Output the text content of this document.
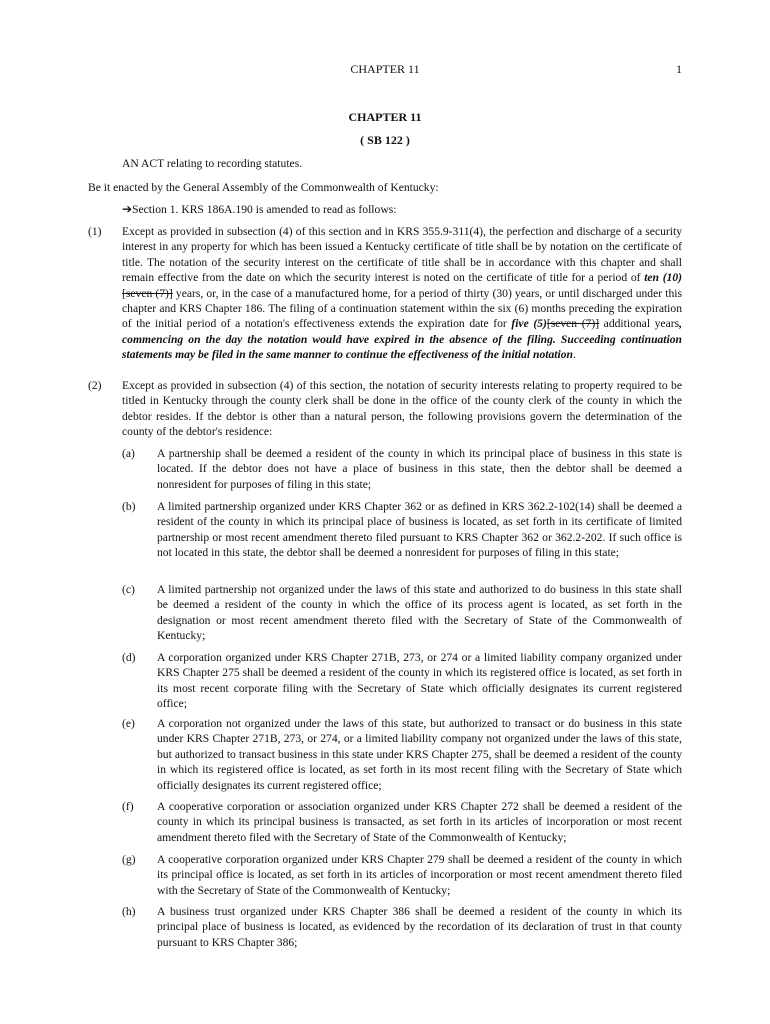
CHAPTER 11	1
CHAPTER 11
( SB 122 )
AN ACT relating to recording statutes.
Be it enacted by the General Assembly of the Commonwealth of Kentucky:
➔Section 1. KRS 186A.190 is amended to read as follows:
(1) Except as provided in subsection (4) of this section and in KRS 355.9-311(4), the perfection and discharge of a security interest in any property for which has been issued a Kentucky certificate of title shall be by notation on the certificate of title. The notation of the security interest on the certificate of title shall be in accordance with this chapter and shall remain effective from the date on which the security interest is noted on the certificate of title for a period of ten (10)[seven (7)] years, or, in the case of a manufactured home, for a period of thirty (30) years, or until discharged under this chapter and KRS Chapter 186. The filing of a continuation statement within the six (6) months preceding the expiration of the initial period of a notation's effectiveness extends the expiration date for five (5)[seven (7)] additional years, commencing on the day the notation would have expired in the absence of the filing. Succeeding continuation statements may be filed in the same manner to continue the effectiveness of the initial notation.
(2) Except as provided in subsection (4) of this section, the notation of security interests relating to property required to be titled in Kentucky through the county clerk shall be done in the office of the county clerk of the county in which the debtor resides. If the debtor is other than a natural person, the following provisions govern the determination of the county of the debtor's residence:
(a) A partnership shall be deemed a resident of the county in which its principal place of business in this state is located. If the debtor does not have a place of business in this state, then the debtor shall be deemed a nonresident for purposes of filing in this state;
(b) A limited partnership organized under KRS Chapter 362 or as defined in KRS 362.2-102(14) shall be deemed a resident of the county in which its principal place of business is located, as set forth in its certificate of limited partnership or most recent amendment thereto filed pursuant to KRS Chapter 362 or 362.2-202. If such office is not located in this state, the debtor shall be deemed a nonresident for purposes of filing in this state;
(c) A limited partnership not organized under the laws of this state and authorized to do business in this state shall be deemed a resident of the county in which the office of its process agent is located, as set forth in the designation or most recent amendment thereto filed with the Secretary of State of the Commonwealth of Kentucky;
(d) A corporation organized under KRS Chapter 271B, 273, or 274 or a limited liability company organized under KRS Chapter 275 shall be deemed a resident of the county in which its registered office is located, as set forth in its most recent corporate filing with the Secretary of State which officially designates its current registered office;
(e) A corporation not organized under the laws of this state, but authorized to transact or do business in this state under KRS Chapter 271B, 273, or 274, or a limited liability company not organized under the laws of this state, but authorized to transact business in this state under KRS Chapter 275, shall be deemed a resident of the county in which its registered office is located, as set forth in its most recent filing with the Secretary of State which officially designates its current registered office;
(f) A cooperative corporation or association organized under KRS Chapter 272 shall be deemed a resident of the county in which its principal business is transacted, as set forth in its articles of incorporation or most recent amendment thereto filed with the Secretary of State of the Commonwealth of Kentucky;
(g) A cooperative corporation organized under KRS Chapter 279 shall be deemed a resident of the county in which its principal office is located, as set forth in its articles of incorporation or most recent amendment thereto filed with the Secretary of State of the Commonwealth of Kentucky;
(h) A business trust organized under KRS Chapter 386 shall be deemed a resident of the county in which its principal place of business is located, as evidenced by the recordation of its declaration of trust in that county pursuant to KRS Chapter 386;
